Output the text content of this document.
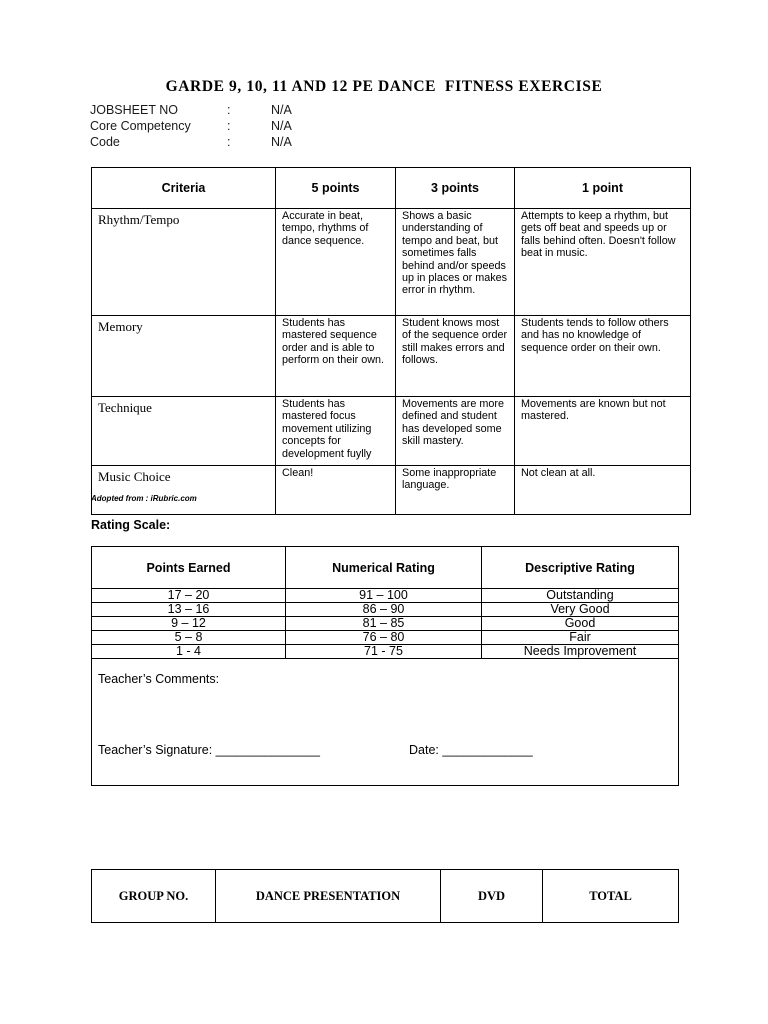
GARDE 9, 10, 11 AND 12 PE DANCE  FITNESS EXERCISE
JOBSHEET NO	:	N/A
Core Competency	:	N/A
Code	:	N/A
Criteria	5 points	3 points	1 point
Rhythm/Tempo	Accurate in beat, tempo, rhythms of dance sequence.	Shows a basic understanding of tempo and beat, but sometimes falls behind and/or speeds up in places or makes error in rhythm.	Attempts to keep a rhythm, but gets off beat and speeds up or falls behind often. Doesn't follow beat in music.
Memory	Students has mastered sequence order and is able to perform on their own.	Student knows most of the sequence order still makes errors and follows.	Students tends to follow others and has no knowledge of sequence order on their own.
Technique	Students has mastered focus movement utilizing concepts for development fuylly	Movements are more defined and student has developed some skill mastery.	Movements are known but not mastered.
Music Choice	Clean!	Some inappropriate language.	Not clean at all.
Adopted from : iRubric.com
Rating Scale:
Points Earned	Numerical Rating	Descriptive Rating
17 – 20	91 – 100	Outstanding
13 – 16	86 – 90	Very Good
9 – 12	81 – 85	Good
5 – 8	76 – 80	Fair
1 - 4	71 - 75	Needs Improvement

Teacher’s Comments:
Teacher’s Signature: _______________ Date: _____________		
GROUP NO.	DANCE PRESENTATION	DVD	TOTAL
